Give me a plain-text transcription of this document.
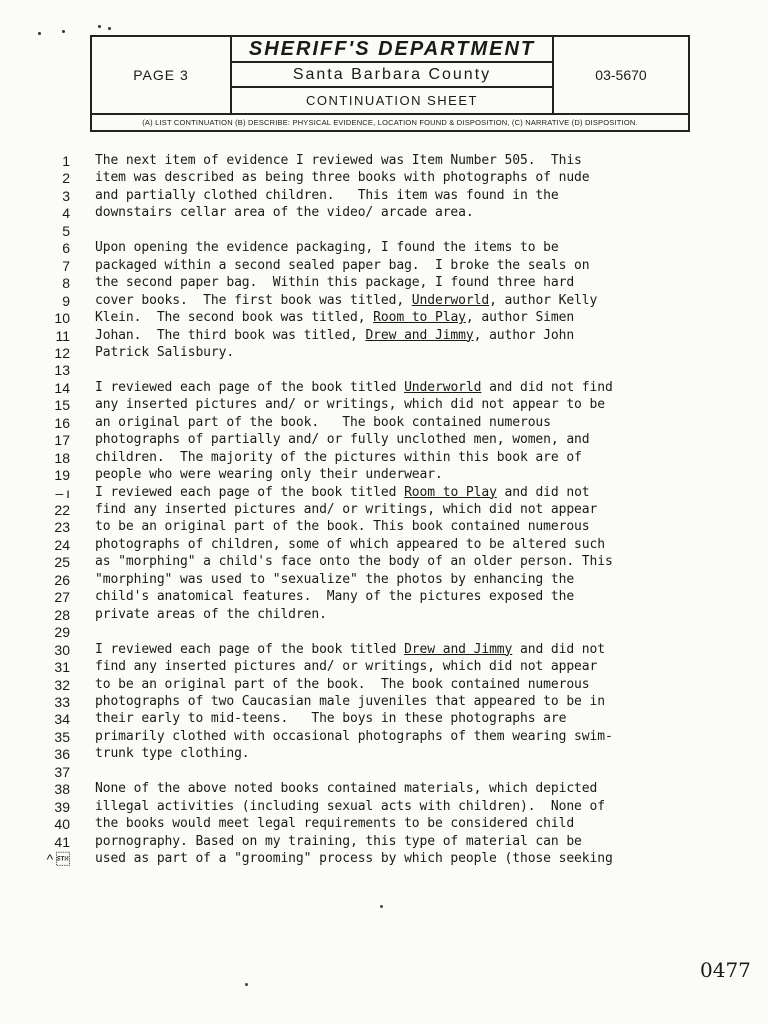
PAGE 3
SHERIFF'S DEPARTMENT
Santa Barbara County
CONTINUATION SHEET
03-5670
(A) LIST CONTINUATION (B) DESCRIBE: PHYSICAL EVIDENCE, LOCATION FOUND & DISPOSITION, (C) NARRATIVE (D) DISPOSITION.
1 The next item of evidence I reviewed was Item Number 505.  This
2 item was described as being three books with photographs of nude
3 and partially clothed children.   This item was found in the
4 downstairs cellar area of the video/ arcade area.
5
6 Upon opening the evidence packaging, I found the items to be
7 packaged within a second sealed paper bag.  I broke the seals on
8 the second paper bag.  Within this package, I found three hard
9 cover books.  The first book was titled, Underworld, author Kelly
10 Klein.  The second book was titled, Room to Play, author Simen
11 Johan.  The third book was titled, Drew and Jimmy, author John
12 Patrick Salisbury.
13
14 I reviewed each page of the book titled Underworld and did not find
15 any inserted pictures and/ or writings, which did not appear to be
16 an original part of the book.   The book contained numerous
17 photographs of partially and/ or fully unclothed men, women, and
18 children.  The majority of the pictures within this book are of
19 people who were wearing only their underwear.
– ı I reviewed each page of the book titled Room to Play and did not
22 find any inserted pictures and/ or writings, which did not appear
23 to be an original part of the book. This book contained numerous
24 photographs of children, some of which appeared to be altered such
25 as "morphing" a child's face onto the body of an older person. This
26 "morphing" was used to "sexualize" the photos by enhancing the
27 child's anatomical features.  Many of the pictures exposed the
28 private areas of the children.
29
30 I reviewed each page of the book titled Drew and Jimmy and did not
31 find any inserted pictures and/ or writings, which did not appear
32 to be an original part of the book.  The book contained numerous
33 photographs of two Caucasian male juveniles that appeared to be in
34 their early to mid-teens.   The boys in these photographs are
35 primarily clothed with occasional photographs of them wearing swim-
36 trunk type clothing.
37
38 None of the above noted books contained materials, which depicted
39 illegal activities (including sexual acts with children).  None of
40 the books would meet legal requirements to be considered child
41 pornography. Based on my training, this type of material can be
^  used as part of a "grooming" process by which people (those seeking
0477
